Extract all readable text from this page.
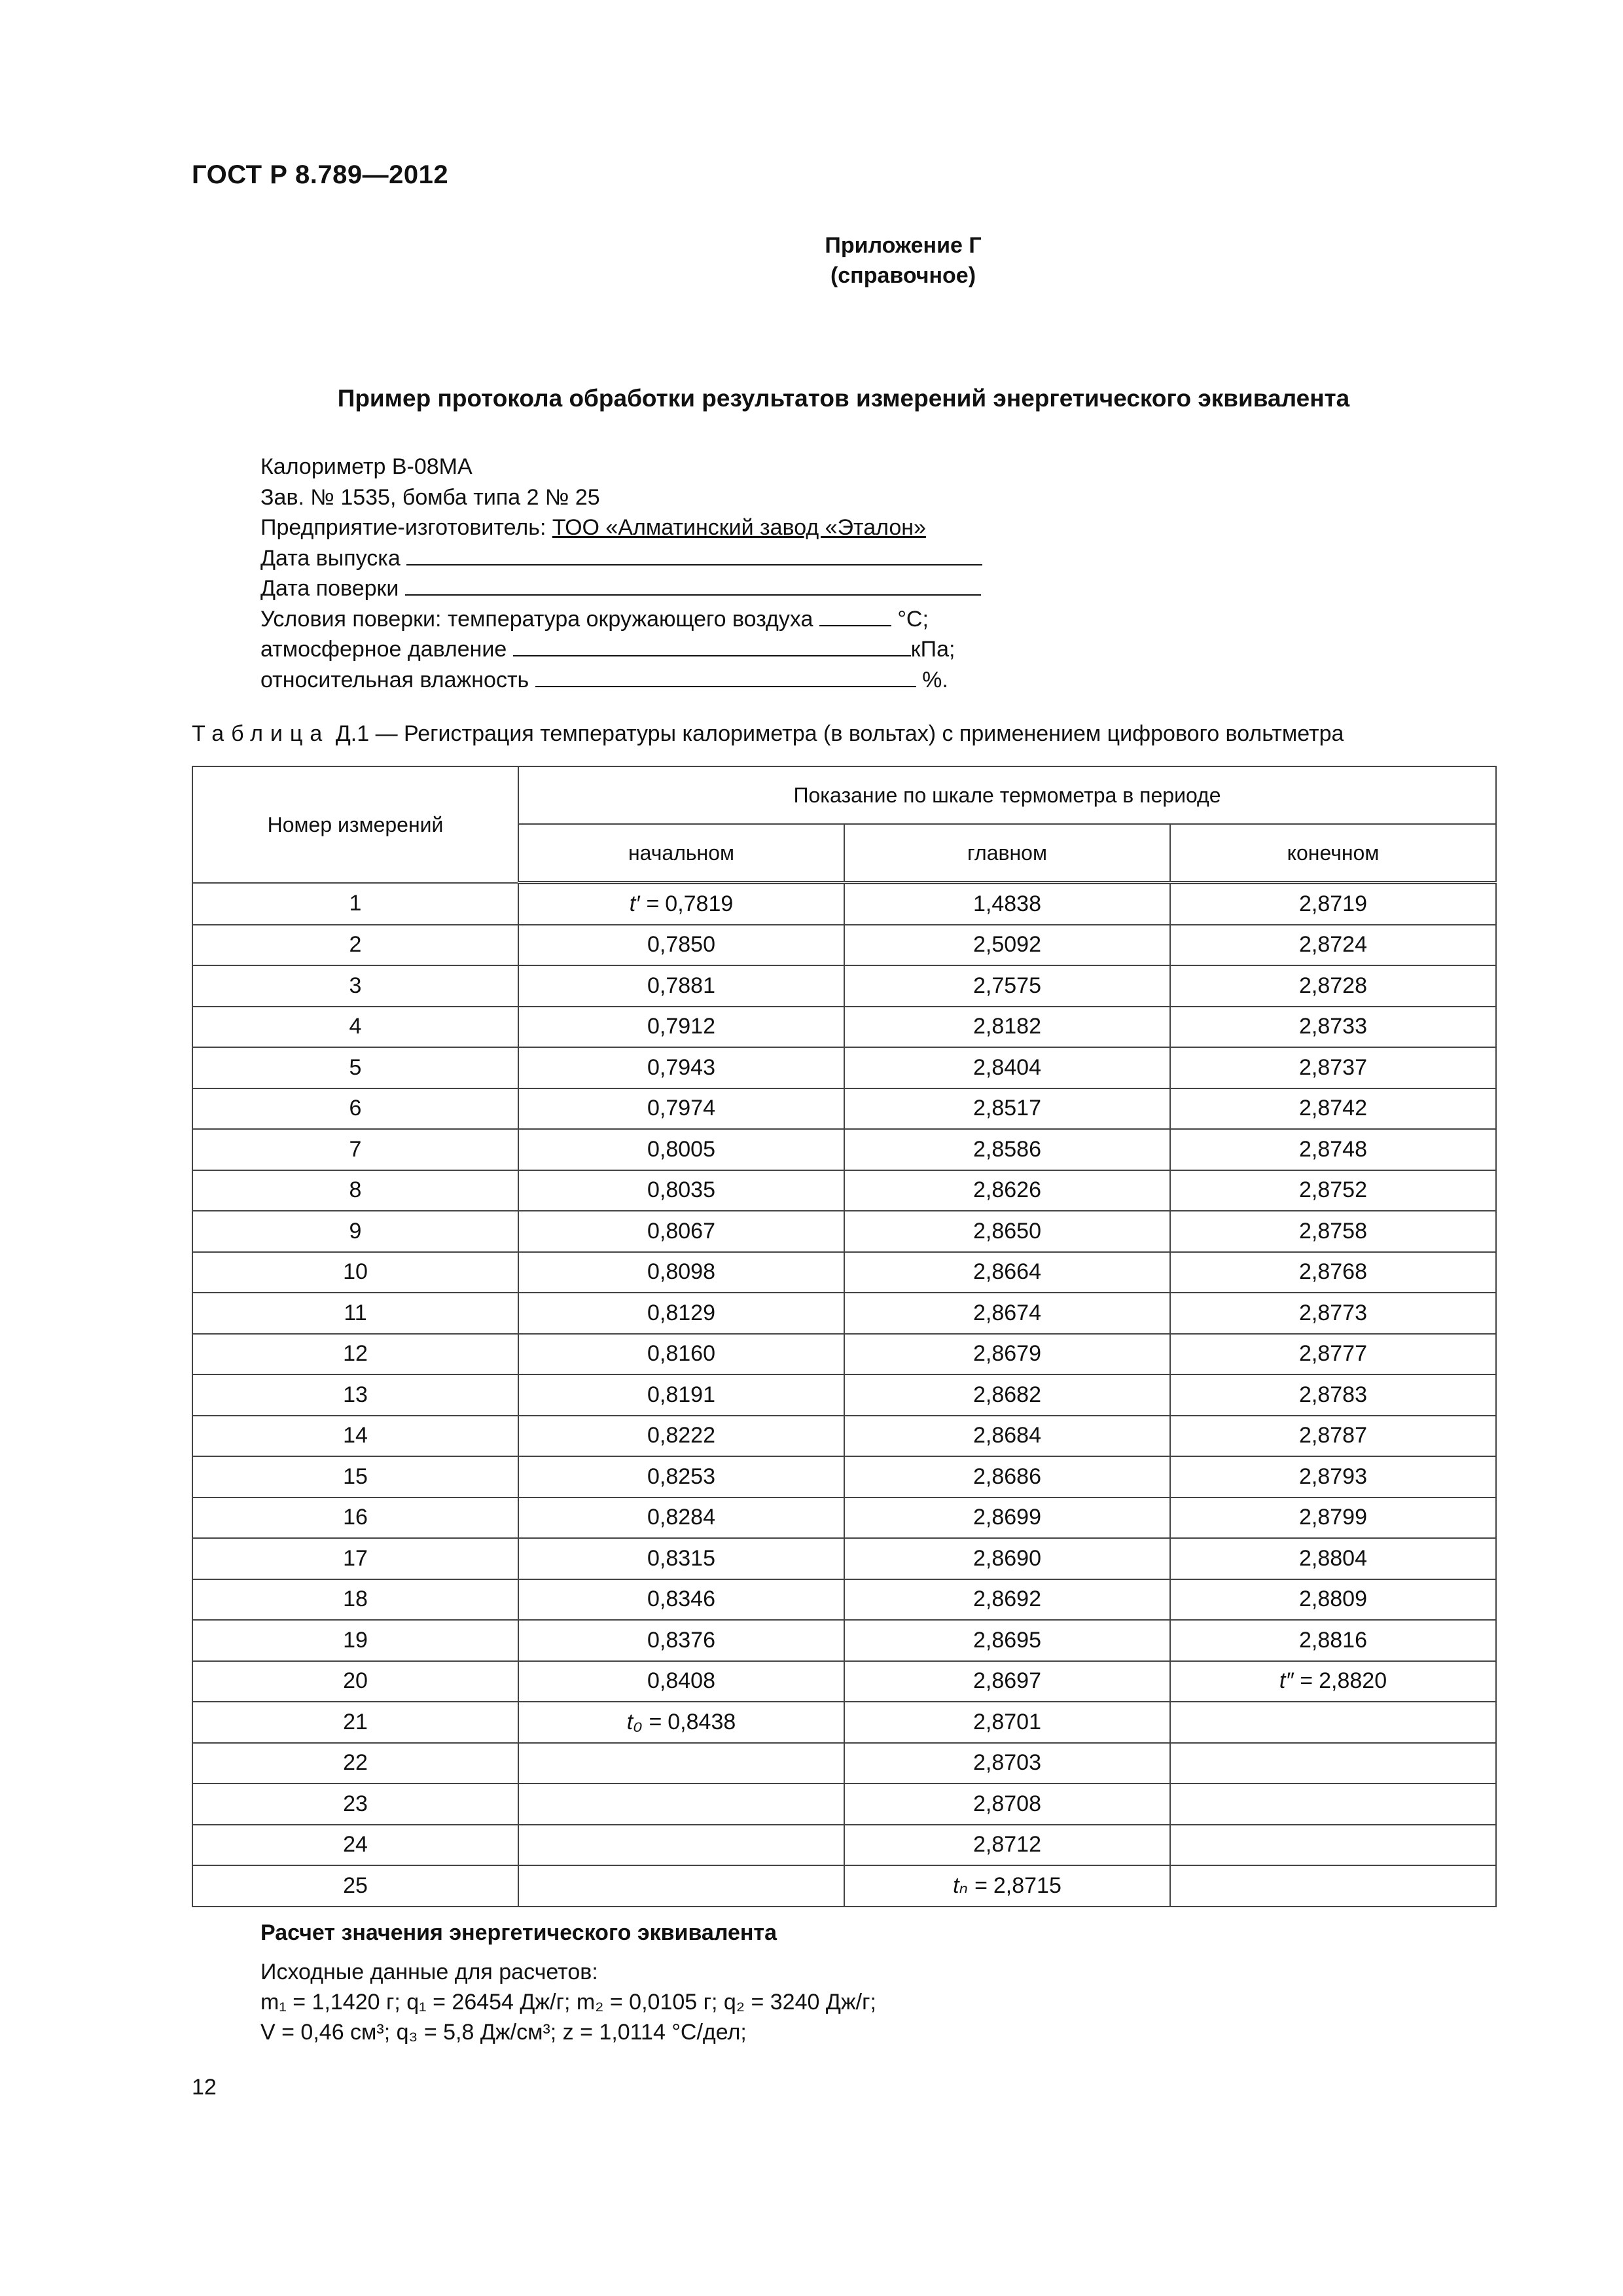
ГОСТ Р 8.789—2012
Приложение Г
(справочное)
Пример протокола обработки результатов измерений энергетического эквивалента
Калориметр В-08МА
Зав. № 1535, бомба типа 2 № 25
Предприятие-изготовитель: ТОО «Алматинский завод «Эталон»
Дата выпуска
Дата поверки
Условия поверки: температура окружающего воздуха	°С;
атмосферное давление	кПа;
относительная влажность	%.
Таблица Д.1 — Регистрация температуры калориметра (в вольтах) с применением цифрового вольтметра
Номер измерений	Показание по шкале термометра в периоде		
	начальном	главном	конечном
1	t′ = 0,7819	1,4838	2,8719
2	0,7850	2,5092	2,8724
3	0,7881	2,7575	2,8728
4	0,7912	2,8182	2,8733
5	0,7943	2,8404	2,8737
6	0,7974	2,8517	2,8742
7	0,8005	2,8586	2,8748
8	0,8035	2,8626	2,8752
9	0,8067	2,8650	2,8758
10	0,8098	2,8664	2,8768
11	0,8129	2,8674	2,8773
12	0,8160	2,8679	2,8777
13	0,8191	2,8682	2,8783
14	0,8222	2,8684	2,8787
15	0,8253	2,8686	2,8793
16	0,8284	2,8699	2,8799
17	0,8315	2,8690	2,8804
18	0,8346	2,8692	2,8809
19	0,8376	2,8695	2,8816
20	0,8408	2,8697	t″ = 2,8820
21	t₀ = 0,8438	2,8701	
22		2,8703	
23		2,8708	
24		2,8712	
25		tₙ = 2,8715	
Расчет значения энергетического эквивалента
Исходные данные для расчетов:
m₁ = 1,1420 г; q₁ = 26454 Дж/г; m₂ = 0,0105 г; q₂ = 3240 Дж/г;
V = 0,46 см³; q₃ = 5,8 Дж/см³; z = 1,0114 °С/дел;
12
